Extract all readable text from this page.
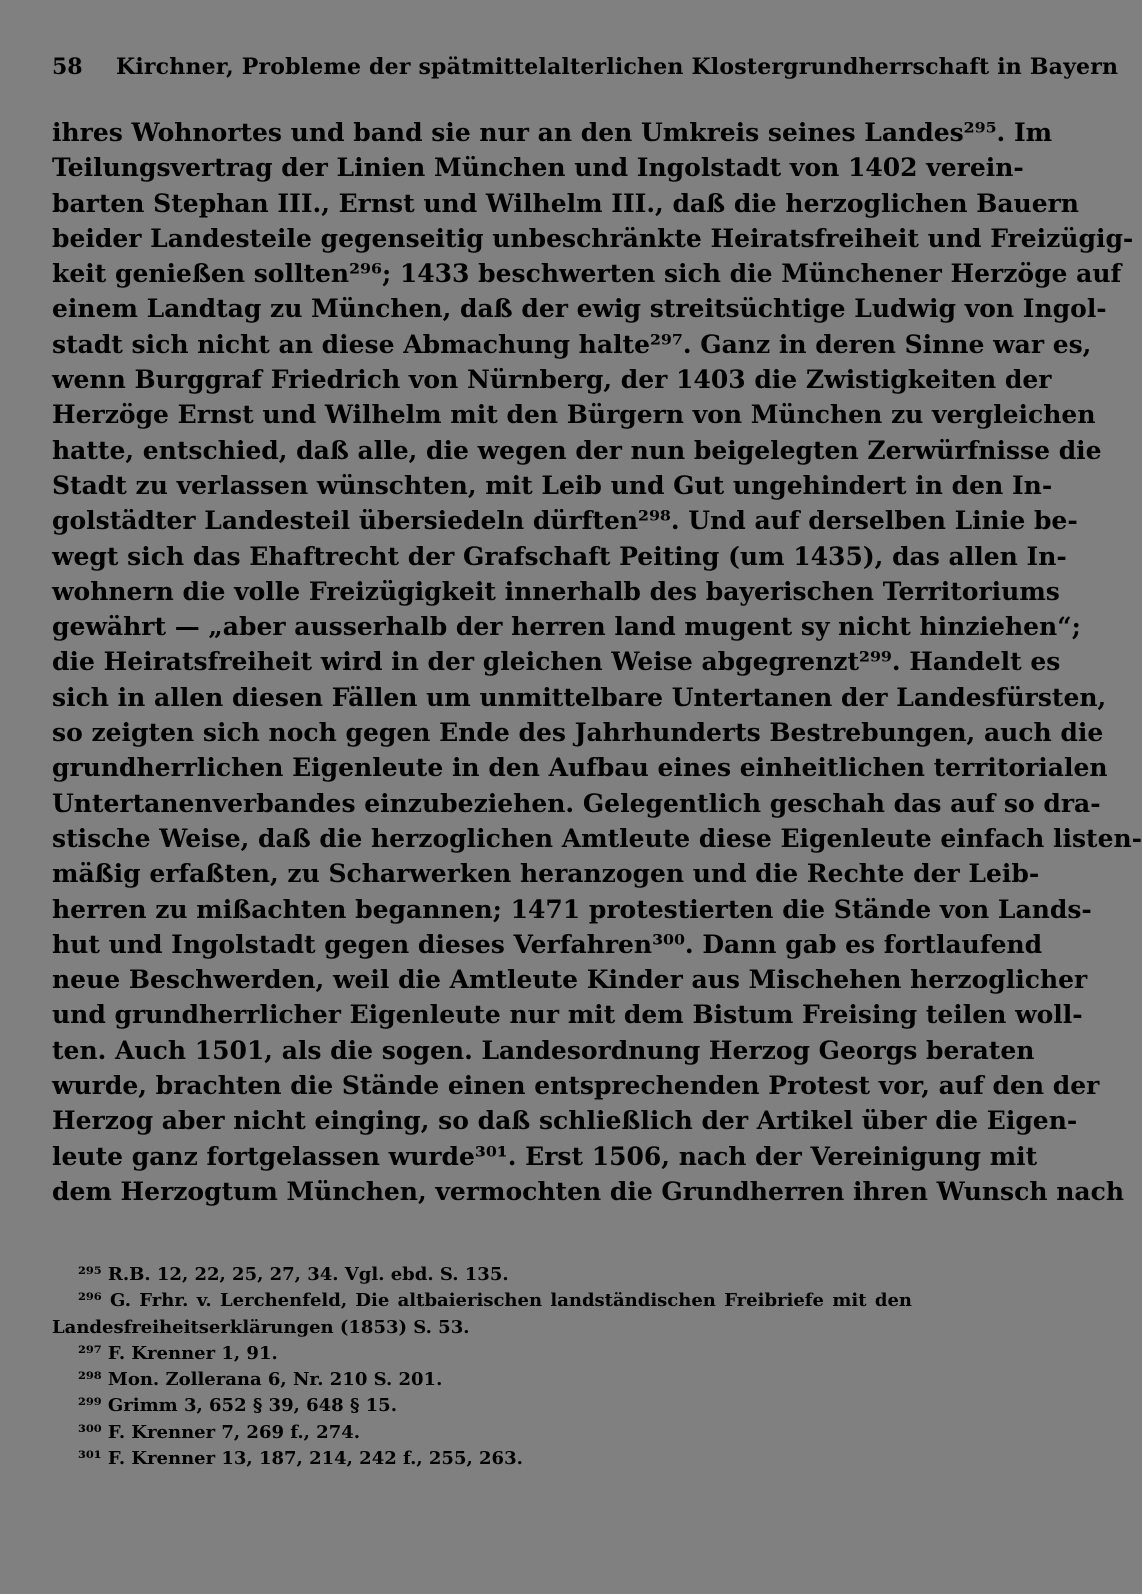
58 Kirchner, Probleme der spätmittelalterlichen Klostergrundherrschaft in Bayern
ihres Wohnortes und band sie nur an den Umkreis seines Landes²⁹⁵. Im
Teilungsvertrag der Linien München und Ingolstadt von 1402 verein-
barten Stephan III., Ernst und Wilhelm III., daß die herzoglichen Bauern
beider Landesteile gegenseitig unbeschränkte Heiratsfreiheit und Freizügig-
keit genießen sollten²⁹⁶; 1433 beschwerten sich die Münchener Herzöge auf
einem Landtag zu München, daß der ewig streitsüchtige Ludwig von Ingol-
stadt sich nicht an diese Abmachung halte²⁹⁷. Ganz in deren Sinne war es,
wenn Burggraf Friedrich von Nürnberg, der 1403 die Zwistigkeiten der
Herzöge Ernst und Wilhelm mit den Bürgern von München zu vergleichen
hatte, entschied, daß alle, die wegen der nun beigelegten Zerwürfnisse die
Stadt zu verlassen wünschten, mit Leib und Gut ungehindert in den In-
golstädter Landesteil übersiedeln dürften²⁹⁸. Und auf derselben Linie be-
wegt sich das Ehaftrecht der Grafschaft Peiting (um 1435), das allen In-
wohnern die volle Freizügigkeit innerhalb des bayerischen Territoriums
gewährt — „aber ausserhalb der herren land mugent sy nicht hinziehen“;
die Heiratsfreiheit wird in der gleichen Weise abgegrenzt²⁹⁹. Handelt es
sich in allen diesen Fällen um unmittelbare Untertanen der Landesfürsten,
so zeigten sich noch gegen Ende des Jahrhunderts Bestrebungen, auch die
grundherrlichen Eigenleute in den Aufbau eines einheitlichen territorialen
Untertanenverbandes einzubeziehen. Gelegentlich geschah das auf so dra-
stische Weise, daß die herzoglichen Amtleute diese Eigenleute einfach listen-
mäßig erfaßten, zu Scharwerken heranzogen und die Rechte der Leib-
herren zu mißachten begannen; 1471 protestierten die Stände von Lands-
hut und Ingolstadt gegen dieses Verfahren³⁰⁰. Dann gab es fortlaufend
neue Beschwerden, weil die Amtleute Kinder aus Mischehen herzoglicher
und grundherrlicher Eigenleute nur mit dem Bistum Freising teilen woll-
ten. Auch 1501, als die sogen. Landesordnung Herzog Georgs beraten
wurde, brachten die Stände einen entsprechenden Protest vor, auf den der
Herzog aber nicht einging, so daß schließlich der Artikel über die Eigen-
leute ganz fortgelassen wurde³⁰¹. Erst 1506, nach der Vereinigung mit
dem Herzogtum München, vermochten die Grundherren ihren Wunsch nach
²⁹⁵ R.B. 12, 22, 25, 27, 34. Vgl. ebd. S. 135.
²⁹⁶ G. Frhr. v. Lerchenfeld, Die altbaierischen landständischen Freibriefe mit den
Landesfreiheitserklärungen (1853) S. 53.
²⁹⁷ F. Krenner 1, 91.
²⁹⁸ Mon. Zollerana 6, Nr. 210 S. 201.
²⁹⁹ Grimm 3, 652 § 39, 648 § 15.
³⁰⁰ F. Krenner 7, 269 f., 274.
³⁰¹ F. Krenner 13, 187, 214, 242 f., 255, 263.
